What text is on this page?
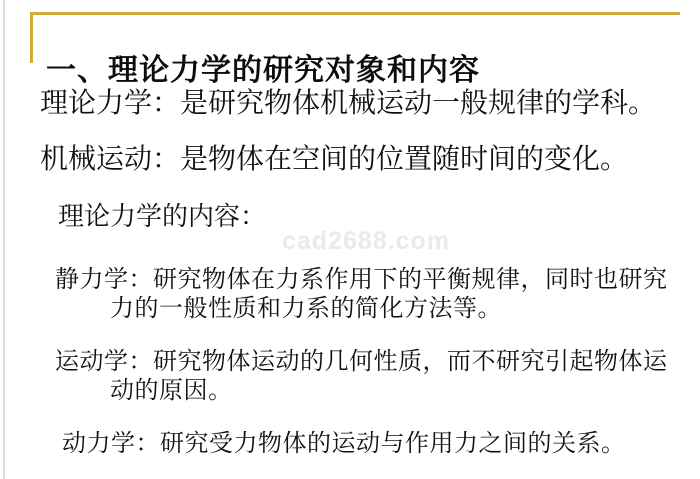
一、理论力学的研究对象和内容
理论力学：是研究物体机械运动一般规律的学科。
机械运动：是物体在空间的位置随时间的变化。
理论力学的内容：
cad2688.com
静力学：研究物体在力系作用下的平衡规律，同时也研究
力的一般性质和力系的简化方法等。
运动学：研究物体运动的几何性质，而不研究引起物体运
动的原因。
动力学：研究受力物体的运动与作用力之间的关系。
